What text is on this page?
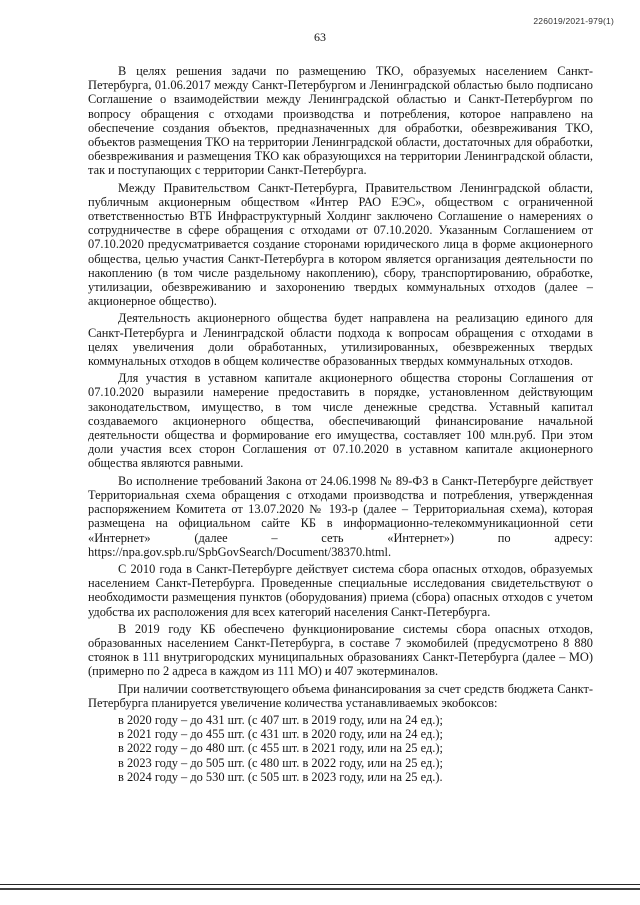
226019/2021-979(1)
63

В целях решения задачи по размещению ТКО, образуемых населением Санкт-Петербурга, 01.06.2017 между Санкт-Петербургом и Ленинградской областью было подписано Соглашение о взаимодействии между Ленинградской областью и Санкт-Петербургом по вопросу обращения с отходами производства и потребления, которое направлено на обеспечение создания объектов, предназначенных для обработки, обезвреживания ТКО, объектов размещения ТКО на территории Ленинградской области, достаточных для обработки, обезвреживания и размещения ТКО как образующихся на территории Ленинградской области, так и поступающих с территории Санкт-Петербурга.

Между Правительством Санкт-Петербурга, Правительством Ленинградской области, публичным акционерным обществом «Интер РАО ЕЭС», обществом с ограниченной ответственностью ВТБ Инфраструктурный Холдинг заключено Соглашение о намерениях о сотрудничестве в сфере обращения с отходами от 07.10.2020. Указанным Соглашением от 07.10.2020 предусматривается создание сторонами юридического лица в форме акционерного общества, целью участия Санкт-Петербурга в котором является организация деятельности по накоплению (в том числе раздельному накоплению), сбору, транспортированию, обработке, утилизации, обезвреживанию и захоронению твердых коммунальных отходов (далее – акционерное общество).

Деятельность акционерного общества будет направлена на реализацию единого для Санкт-Петербурга и Ленинградской области подхода к вопросам обращения с отходами в целях увеличения доли обработанных, утилизированных, обезвреженных твердых коммунальных отходов в общем количестве образованных твердых коммунальных отходов.

Для участия в уставном капитале акционерного общества стороны Соглашения от 07.10.2020 выразили намерение предоставить в порядке, установленном действующим законодательством, имущество, в том числе денежные средства. Уставный капитал создаваемого акционерного общества, обеспечивающий финансирование начальной деятельности общества и формирование его имущества, составляет 100 млн.руб. При этом доли участия всех сторон Соглашения от 07.10.2020 в уставном капитале акционерного общества являются равными.

Во исполнение требований Закона от 24.06.1998 № 89-ФЗ в Санкт-Петербурге действует Территориальная схема обращения с отходами производства и потребления, утвержденная распоряжением Комитета от 13.07.2020 № 193-р (далее – Территориальная схема), которая размещена на официальном сайте КБ в информационно-телекоммуникационной сети «Интернет» (далее – сеть «Интернет») по адресу: https://npa.gov.spb.ru/SpbGovSearch/Document/38370.html.

С 2010 года в Санкт-Петербурге действует система сбора опасных отходов, образуемых населением Санкт-Петербурга. Проведенные специальные исследования свидетельствуют о необходимости размещения пунктов (оборудования) приема (сбора) опасных отходов с учетом удобства их расположения для всех категорий населения Санкт-Петербурга.

В 2019 году КБ обеспечено функционирование системы сбора опасных отходов, образованных населением Санкт-Петербурга, в составе 7 экомобилей (предусмотрено 8 880 стоянок в 111 внутригородских муниципальных образованиях Санкт-Петербурга (далее – МО) (примерно по 2 адреса в каждом из 111 МО) и 407 экотерминалов.

При наличии соответствующего объема финансирования за счет средств бюджета Санкт-Петербурга планируется увеличение количества устанавливаемых экобоксов:

в 2020 году – до 431 шт. (с 407 шт. в 2019 году, или на 24 ед.);
в 2021 году – до 455 шт. (с 431 шт. в 2020 году, или на 24 ед.);
в 2022 году – до 480 шт. (с 455 шт. в 2021 году, или на 25 ед.);
в 2023 году – до 505 шт. (с 480 шт. в 2022 году, или на 25 ед.);
в 2024 году – до 530 шт. (с 505 шт. в 2023 году, или на 25 ед.).
